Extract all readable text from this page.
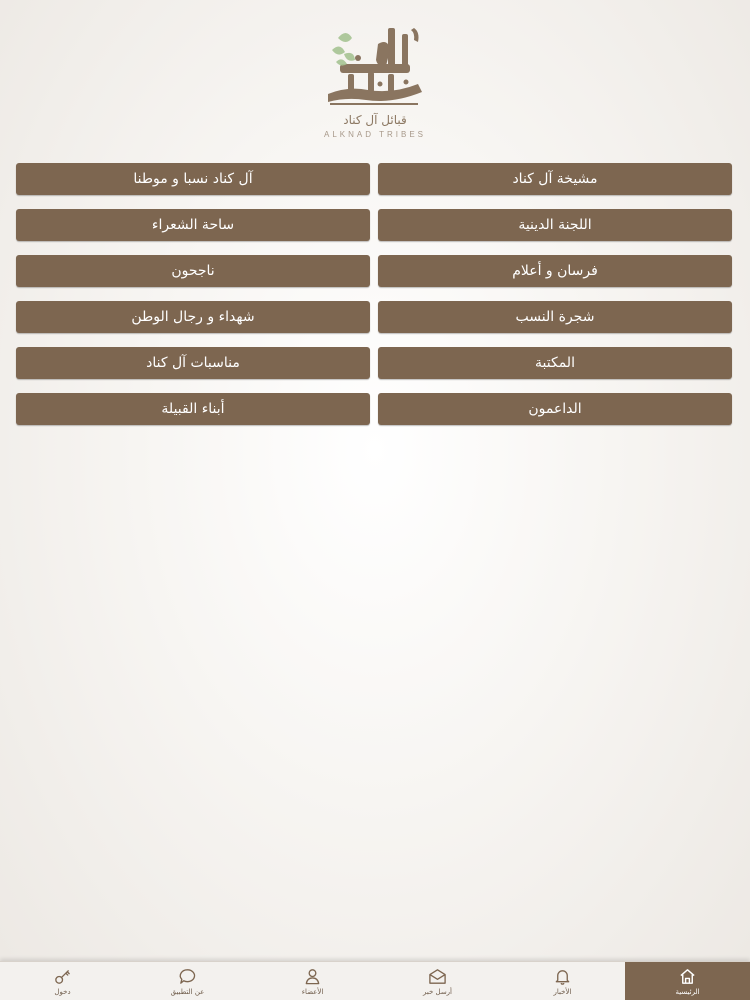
قبائل آل كناد
ALKNAD TRIBES
مشيخة آل كناد
آل كناد نسبا و موطنا
اللجنة الدينية
ساحة الشعراء
فرسان و أعلام
ناجحون
شجرة النسب
شهداء و رجال الوطن
المكتبة
مناسبات آل كناد
الداعمون
أبناء القبيلة
الرئيسية
الأخبار
أرسل خبر
الأعضاء
عن التطبيق
دخول
